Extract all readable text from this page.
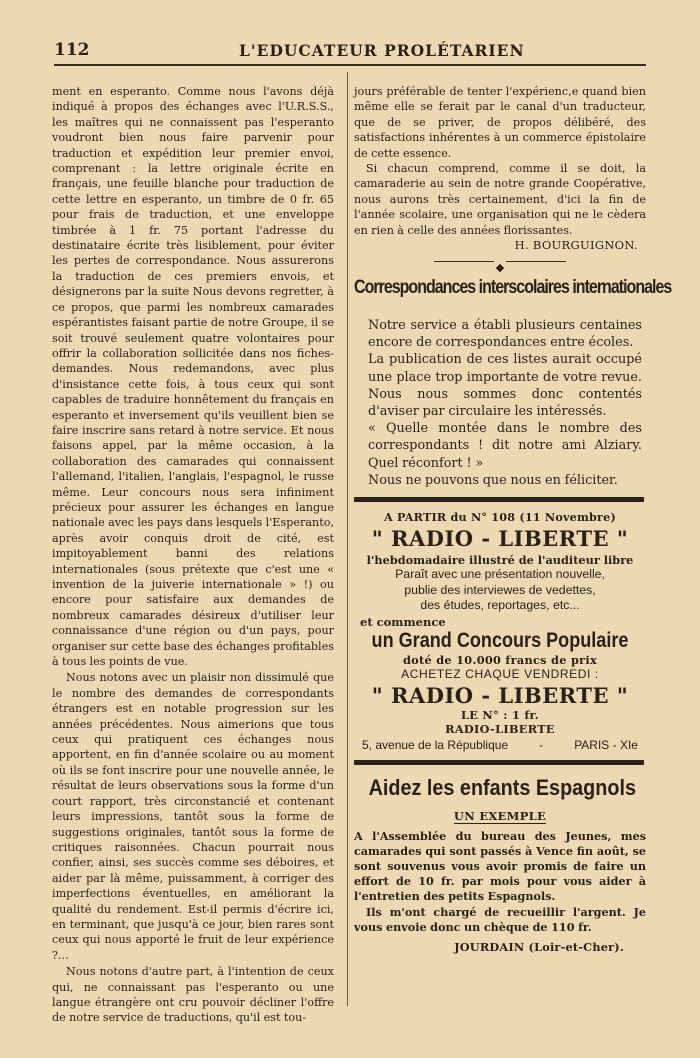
112	L'EDUCATEUR PROLÉTARIEN

ment en esperanto. Comme nous l'avons déjà indiqué à propos des échanges avec l'U.R.S.S., les maîtres qui ne connaissent pas l'esperanto voudront bien nous faire parvenir pour traduction et expédition leur premier envoi, comprenant : la lettre originale écrite en français, une feuille blanche pour traduction de cette lettre en esperanto, un timbre de 0 fr. 65 pour frais de traduction, et une enveloppe timbrée à 1 fr. 75 portant l'adresse du destinataire écrite très lisiblement, pour éviter les pertes de correspondance. Nous assurerons la traduction de ces premiers envois, et désignerons par la suite Nous devons regretter, à ce propos, que parmi les nombreux camarades espérantistes faisant partie de notre Groupe, il se soit trouvé seulement quatre volontaires pour offrir la collaboration sollicitée dans nos fiches-demandes. Nous redemandons, avec plus d'insistance cette fois, à tous ceux qui sont capables de traduire honnêtement du français en esperanto et inversement qu'ils veuillent bien se faire inscrire sans retard à notre service. Et nous faisons appel, par la même occasion, à la collaboration des camarades qui connaissent l'allemand, l'italien, l'anglais, l'espagnol, le russe même. Leur concours nous sera infiniment précieux pour assurer les échanges en langue nationale avec les pays dans lesquels l'Esperanto, après avoir conquis droit de cité, est impitoyablement banni des relations internationales (sous prétexte que c'est une « invention de la juiverie internationale » !) ou encore pour satisfaire aux demandes de nombreux camarades désireux d'utiliser leur connaissance d'une région ou d'un pays, pour organiser sur cette base des échanges profitables à tous les points de vue.

Nous notons avec un plaisir non dissimulé que le nombre des demandes de correspondants étrangers est en notable progression sur les années précédentes. Nous aimerions que tous ceux qui pratiquent ces échanges nous apportent, en fin d'année scolaire ou au moment où ils se font inscrire pour une nouvelle année, le résultat de leurs observations sous la forme d'un court rapport, très circonstancié et contenant leurs impressions, tantôt sous la forme de suggestions originales, tantôt sous la forme de critiques raisonnées. Chacun pourrait nous confier, ainsi, ses succès comme ses déboires, et aider par là même, puissamment, à corriger des imperfections éventuelles, en améliorant la qualité du rendement. Est-il permis d'écrire ici, en terminant, que jusqu'à ce jour, bien rares sont ceux qui nous apporté le fruit de leur expérience ?...

Nous notons d'autre part, à l'intention de ceux qui, ne connaissant pas l'esperanto ou une langue étrangère ont cru pouvoir décliner l'offre de notre service de traductions, qu'il est tou-

jours préférable de tenter l'expérienc,e quand bien même elle se ferait par le canal d'un traducteur, que de se priver, de propos délibéré, des satisfactions inhérentes à un commerce épistolaire de cette essence.

Si chacun comprend, comme il se doit, la camaraderie au sein de notre grande Coopérative, nous aurons très certainement, d'ici la fin de l'année scolaire, une organisation qui ne le cèdera en rien à celle des années florissantes.

H. BOURGUIGNON.
◆
Correspondances interscolaires internationales

Notre service a établi plusieurs centaines encore de correspondances entre écoles.

La publication de ces listes aurait occupé une place trop importante de votre revue. Nous nous sommes donc contentés d'aviser par circulaire les intéressés.

« Quelle montée dans le nombre des correspondants ! dit notre ami Alziary. Quel réconfort ! »

Nous ne pouvons que nous en féliciter.

A PARTIR du N° 108 (11 Novembre)
" RADIO - LIBERTE "
l'hebdomadaire illustré de l'auditeur libre
Paraît avec une présentation nouvelle,
publie des interviewes de vedettes,
des études, reportages, etc...
et commence
un Grand Concours Populaire
doté de 10.000 francs de prix
ACHETEZ CHAQUE VENDREDI :
" RADIO - LIBERTE "
LE N° : 1 fr.
RADIO-LIBERTE
5, avenue de la République	-	PARIS - XIe
Aidez les enfants Espagnols
UN EXEMPLE

A l'Assemblée du bureau des Jeunes, mes camarades qui sont passés à Vence fin août, se sont souvenus vous avoir promis de faire un effort de 10 fr. par mois pour vous aider à l'entretien des petits Espagnols.

Ils m'ont chargé de recueillir l'argent. Je vous envoie donc un chèque de 110 fr.

JOURDAIN (Loir-et-Cher).
